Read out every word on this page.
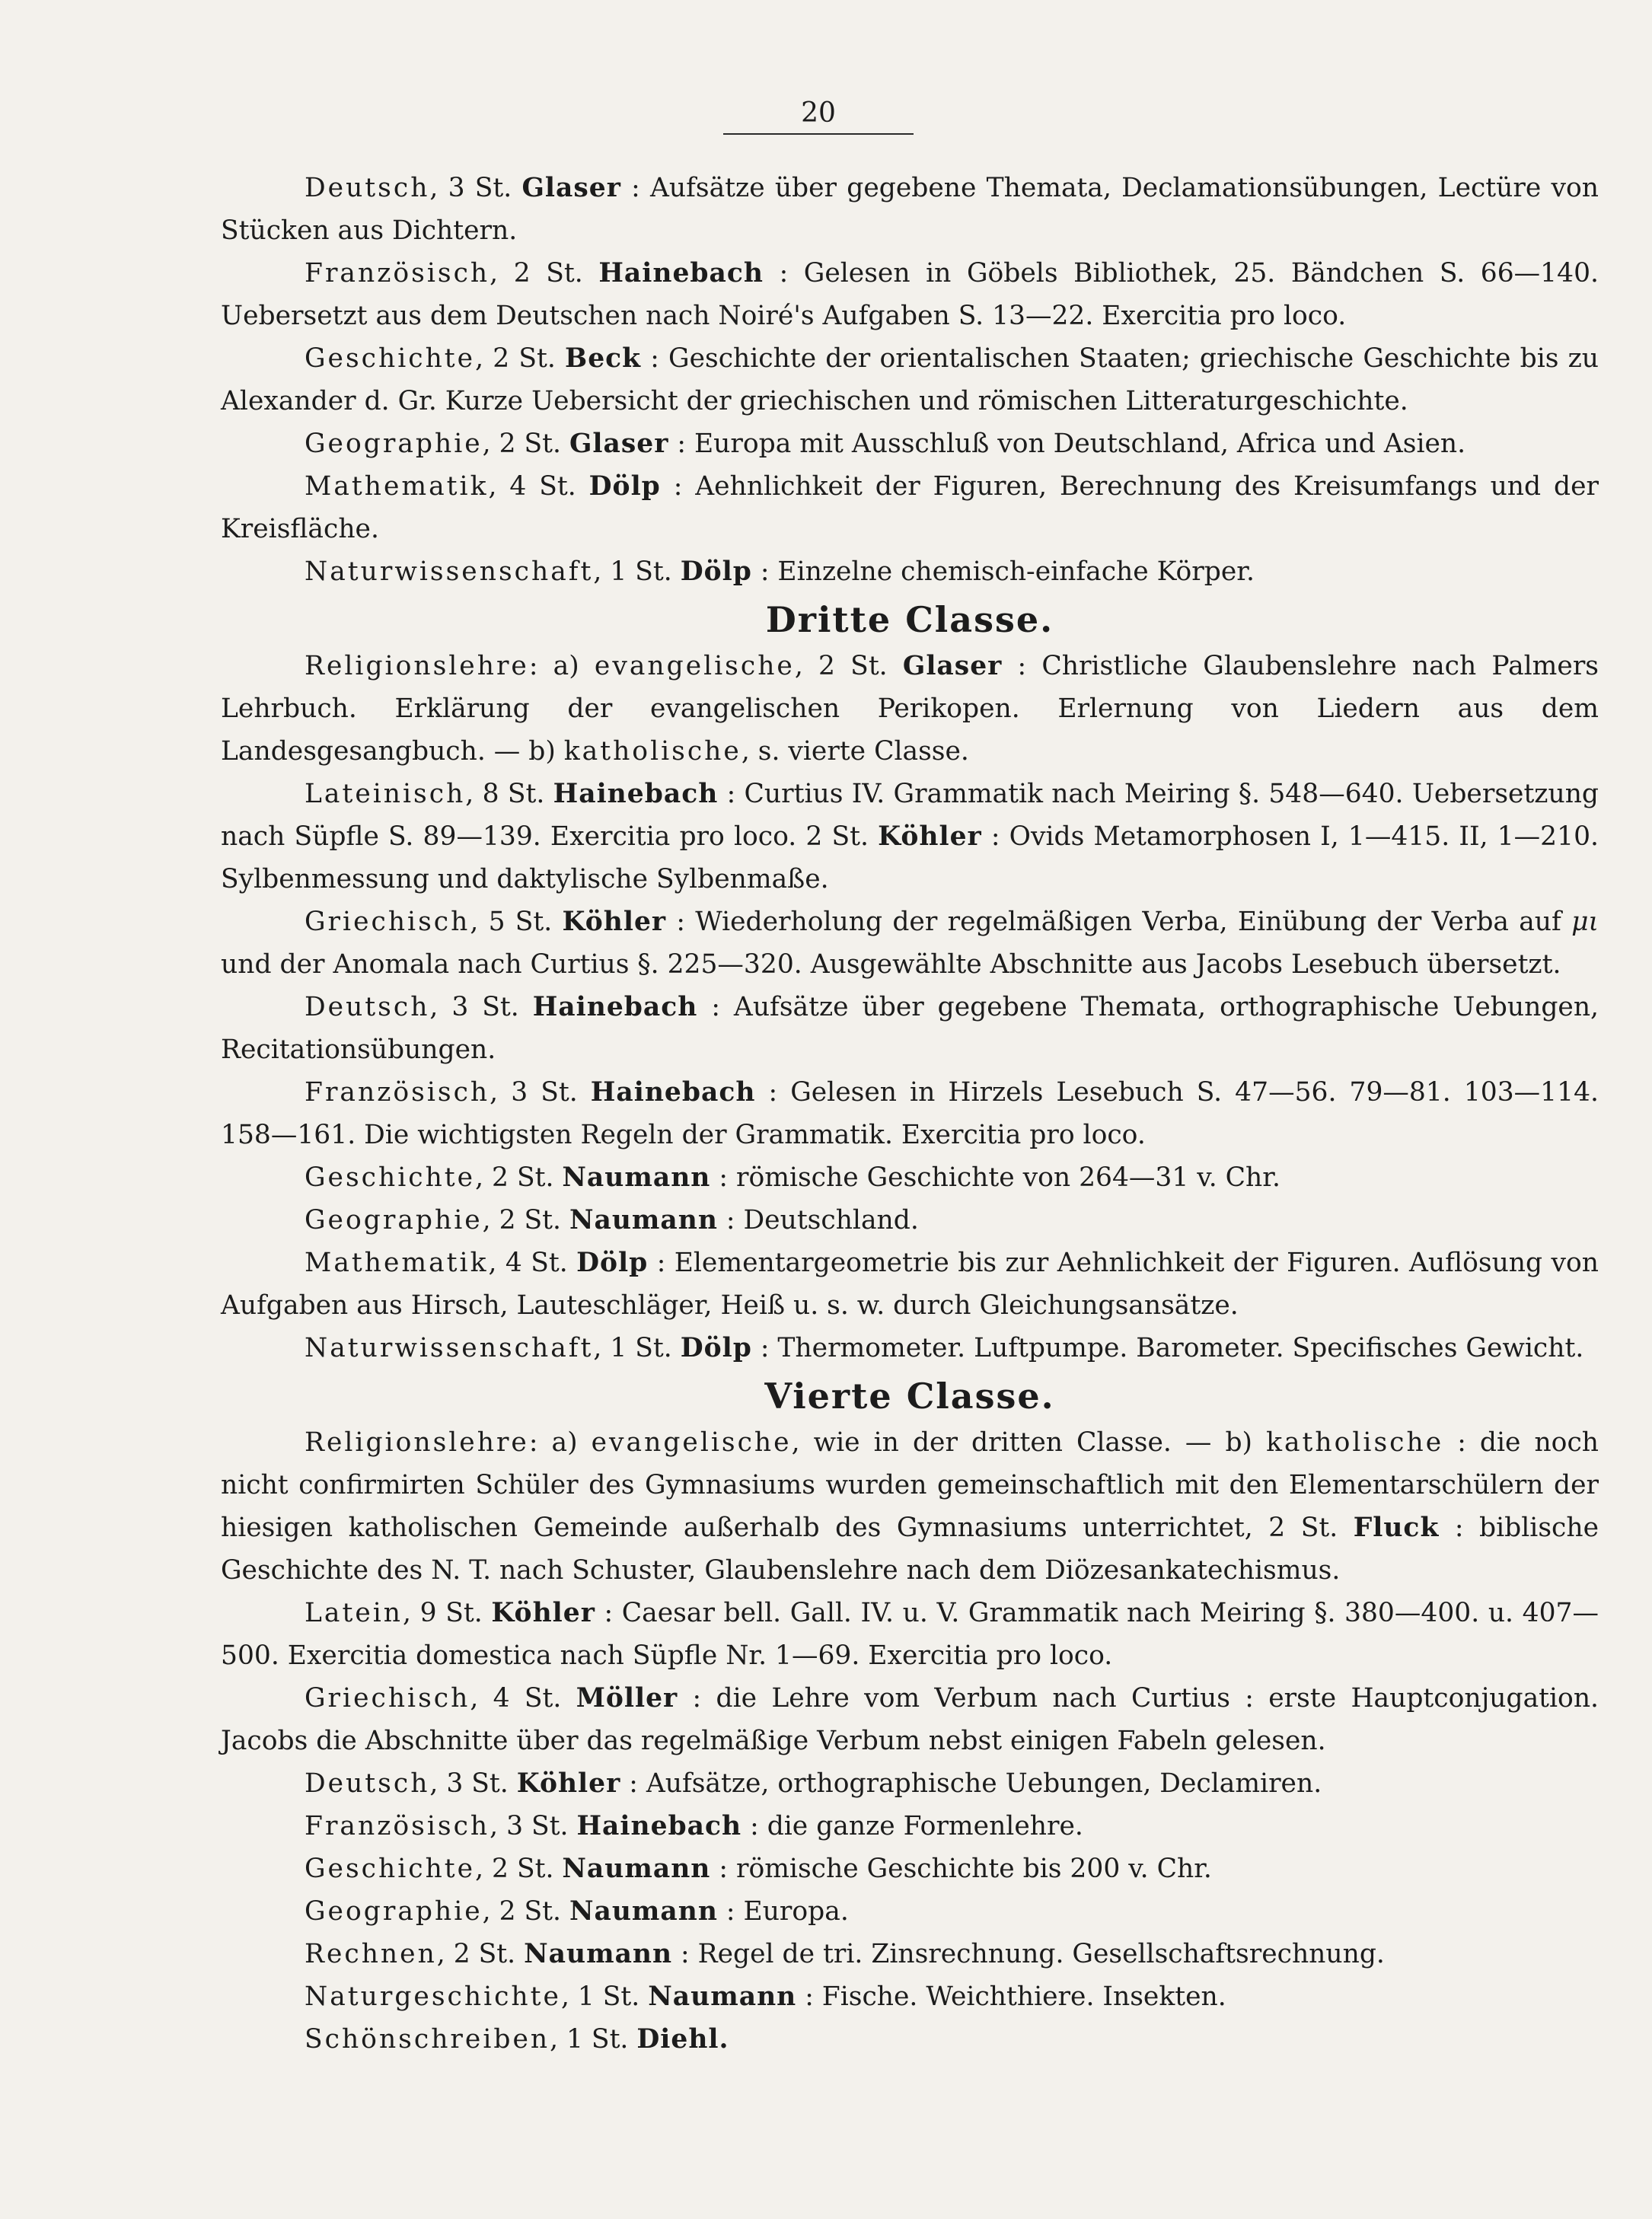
20

Deutsch, 3 St. Glaser : Aufsätze über gegebene Themata, Declamationsübungen, Lectüre von Stücken aus Dichtern.

Französisch, 2 St. Hainebach : Gelesen in Göbels Bibliothek, 25. Bändchen S. 66—140. Uebersetzt aus dem Deutschen nach Noiré's Aufgaben S. 13—22. Exercitia pro loco.

Geschichte, 2 St. Beck : Geschichte der orientalischen Staaten; griechische Geschichte bis zu Alexander d. Gr. Kurze Uebersicht der griechischen und römischen Litteraturgeschichte.

Geographie, 2 St. Glaser : Europa mit Ausschluß von Deutschland, Africa und Asien.

Mathematik, 4 St. Dölp : Aehnlichkeit der Figuren, Berechnung des Kreisumfangs und der Kreisfläche.

Naturwissenschaft, 1 St. Dölp : Einzelne chemisch-einfache Körper.

Dritte Classe.

Religionslehre: a) evangelische, 2 St. Glaser : Christliche Glaubenslehre nach Palmers Lehrbuch. Erklärung der evangelischen Perikopen. Erlernung von Liedern aus dem Landesgesangbuch. — b) katholische, s. vierte Classe.

Lateinisch, 8 St. Hainebach : Curtius IV. Grammatik nach Meiring §. 548—640. Uebersetzung nach Süpfle S. 89—139. Exercitia pro loco. 2 St. Köhler : Ovids Metamorphosen I, 1—415. II, 1—210. Sylbenmessung und daktylische Sylbenmaße.

Griechisch, 5 St. Köhler : Wiederholung der regelmäßigen Verba, Einübung der Verba auf μι und der Anomala nach Curtius §. 225—320. Ausgewählte Abschnitte aus Jacobs Lesebuch übersetzt.

Deutsch, 3 St. Hainebach : Aufsätze über gegebene Themata, orthographische Uebungen, Recitationsübungen.

Französisch, 3 St. Hainebach : Gelesen in Hirzels Lesebuch S. 47—56. 79—81. 103—114. 158—161. Die wichtigsten Regeln der Grammatik. Exercitia pro loco.

Geschichte, 2 St. Naumann : römische Geschichte von 264—31 v. Chr.

Geographie, 2 St. Naumann : Deutschland.

Mathematik, 4 St. Dölp : Elementargeometrie bis zur Aehnlichkeit der Figuren. Auflösung von Aufgaben aus Hirsch, Lauteschläger, Heiß u. s. w. durch Gleichungsansätze.

Naturwissenschaft, 1 St. Dölp : Thermometer. Luftpumpe. Barometer. Specifisches Gewicht.

Vierte Classe.

Religionslehre: a) evangelische, wie in der dritten Classe. — b) katholische : die noch nicht confirmirten Schüler des Gymnasiums wurden gemeinschaftlich mit den Elementarschülern der hiesigen katholischen Gemeinde außerhalb des Gymnasiums unterrichtet, 2 St. Fluck : biblische Geschichte des N. T. nach Schuster, Glaubenslehre nach dem Diözesankatechismus.

Latein, 9 St. Köhler : Caesar bell. Gall. IV. u. V. Grammatik nach Meiring §. 380—400. u. 407—500. Exercitia domestica nach Süpfle Nr. 1—69. Exercitia pro loco.

Griechisch, 4 St. Möller : die Lehre vom Verbum nach Curtius : erste Hauptconjugation. Jacobs die Abschnitte über das regelmäßige Verbum nebst einigen Fabeln gelesen.

Deutsch, 3 St. Köhler : Aufsätze, orthographische Uebungen, Declamiren.

Französisch, 3 St. Hainebach : die ganze Formenlehre.

Geschichte, 2 St. Naumann : römische Geschichte bis 200 v. Chr.

Geographie, 2 St. Naumann : Europa.

Rechnen, 2 St. Naumann : Regel de tri. Zinsrechnung. Gesellschaftsrechnung.

Naturgeschichte, 1 St. Naumann : Fische. Weichthiere. Insekten.

Schönschreiben, 1 St. Diehl.
